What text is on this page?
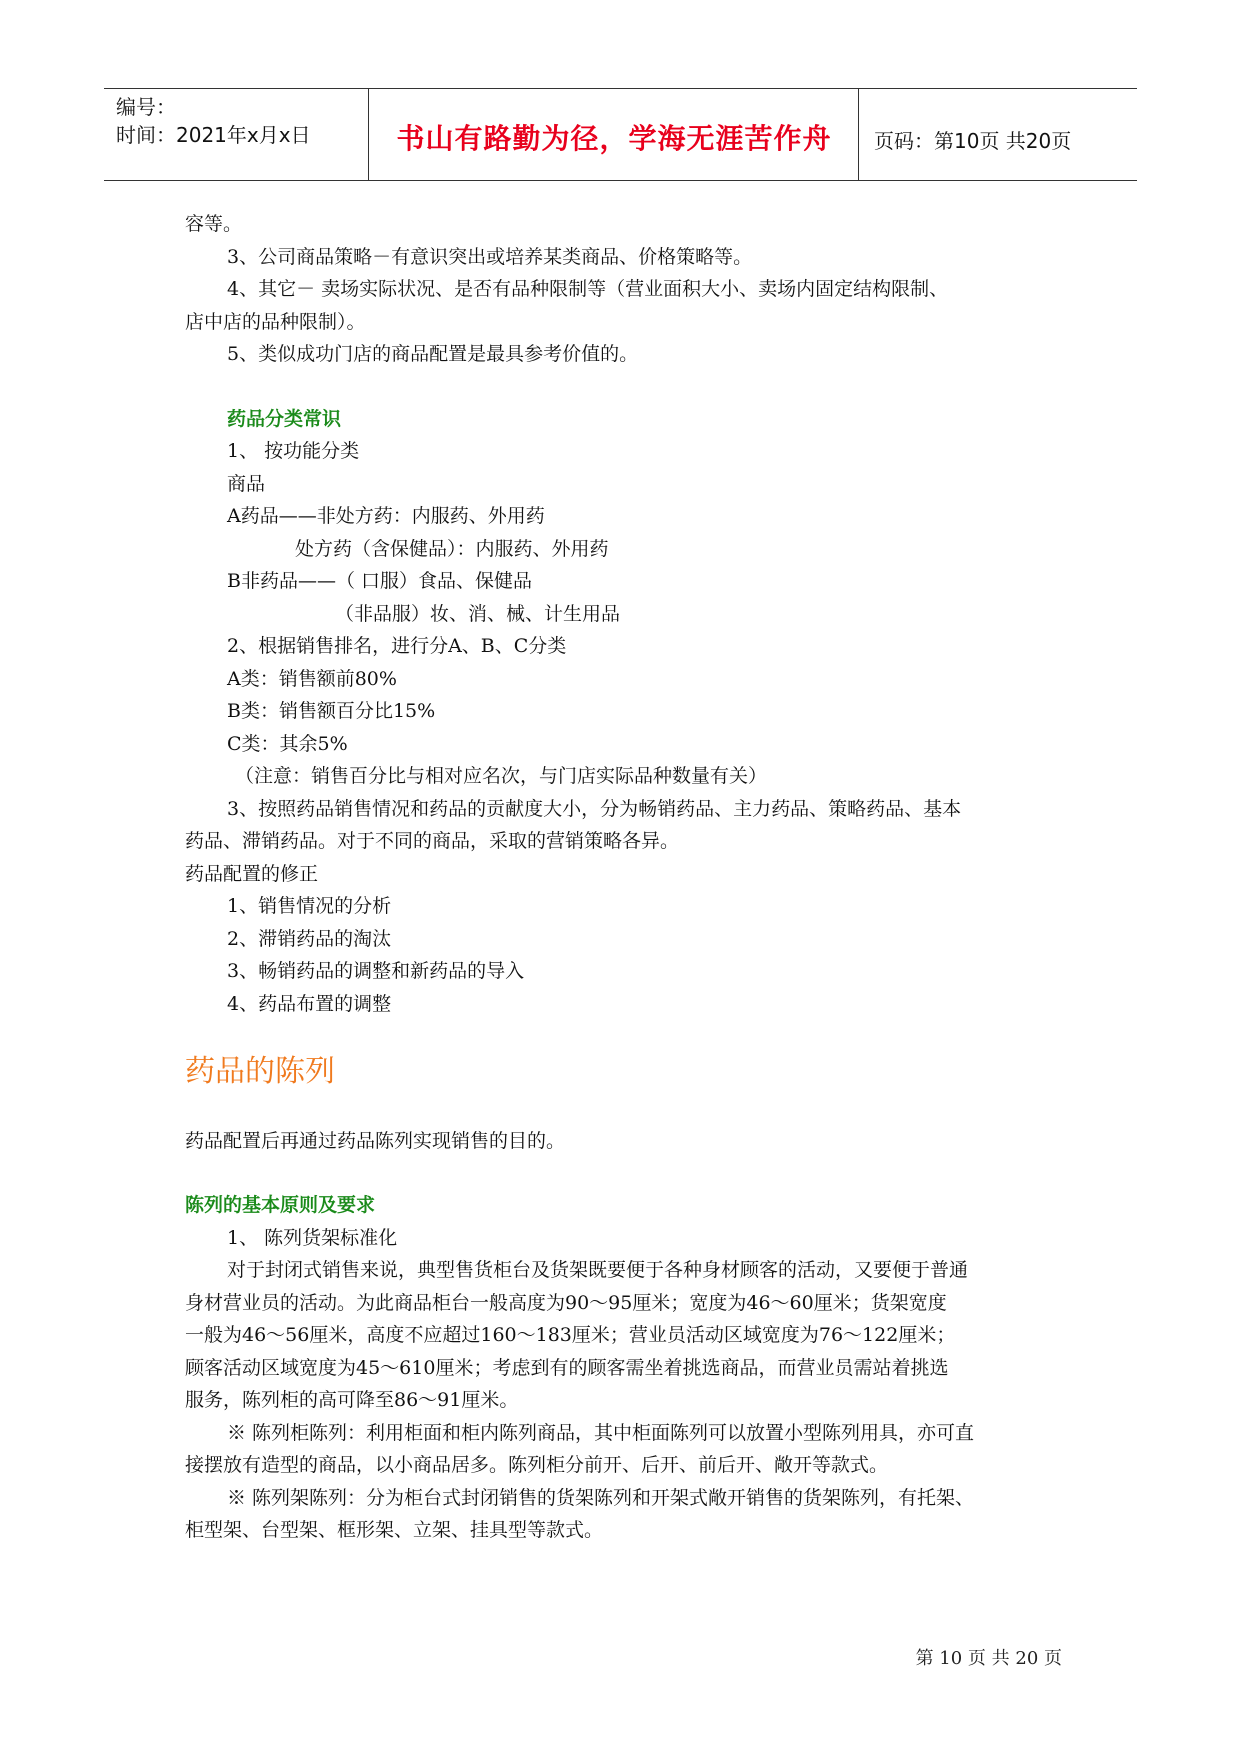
编号：
时间：2021年x月x日	书山有路勤为径，学海无涯苦作舟	页码：第10页 共20页

容等。

3、公司商品策略－有意识突出或培养某类商品、价格策略等。

4、其它－ 卖场实际状况、是否有品种限制等（营业面积大小、卖场内固定结构限制、

店中店的品种限制）。

5、类似成功门店的商品配置是最具参考价值的。

药品分类常识

1、 按功能分类

商品

A药品——非处方药：内服药、外用药

处方药（含保健品）：内服药、外用药

B非药品——（ 口服）食品、保健品

（非品服）妆、消、械、计生用品

2、根据销售排名，进行分A、B、C分类

A类：销售额前80%

B类：销售额百分比15%

C类：其余5%

（注意：销售百分比与相对应名次，与门店实际品种数量有关）

3、按照药品销售情况和药品的贡献度大小，分为畅销药品、主力药品、策略药品、基本

药品、滞销药品。对于不同的商品，采取的营销策略各异。

药品配置的修正

1、销售情况的分析

2、滞销药品的淘汰

3、畅销药品的调整和新药品的导入

4、药品布置的调整

药品的陈列

药品配置后再通过药品陈列实现销售的目的。

陈列的基本原则及要求

1、 陈列货架标准化

对于封闭式销售来说，典型售货柜台及货架既要便于各种身材顾客的活动，又要便于普通

身材营业员的活动。为此商品柜台一般高度为90～95厘米；宽度为46～60厘米；货架宽度

一般为46～56厘米，高度不应超过160～183厘米；营业员活动区域宽度为76～122厘米；

顾客活动区域宽度为45～610厘米；考虑到有的顾客需坐着挑选商品，而营业员需站着挑选

服务，陈列柜的高可降至86～91厘米。

※ 陈列柜陈列：利用柜面和柜内陈列商品，其中柜面陈列可以放置小型陈列用具，亦可直

接摆放有造型的商品，以小商品居多。陈列柜分前开、后开、前后开、敞开等款式。

※ 陈列架陈列：分为柜台式封闭销售的货架陈列和开架式敞开销售的货架陈列，有托架、

柜型架、台型架、框形架、立架、挂具型等款式。

第 10 页 共 20 页
